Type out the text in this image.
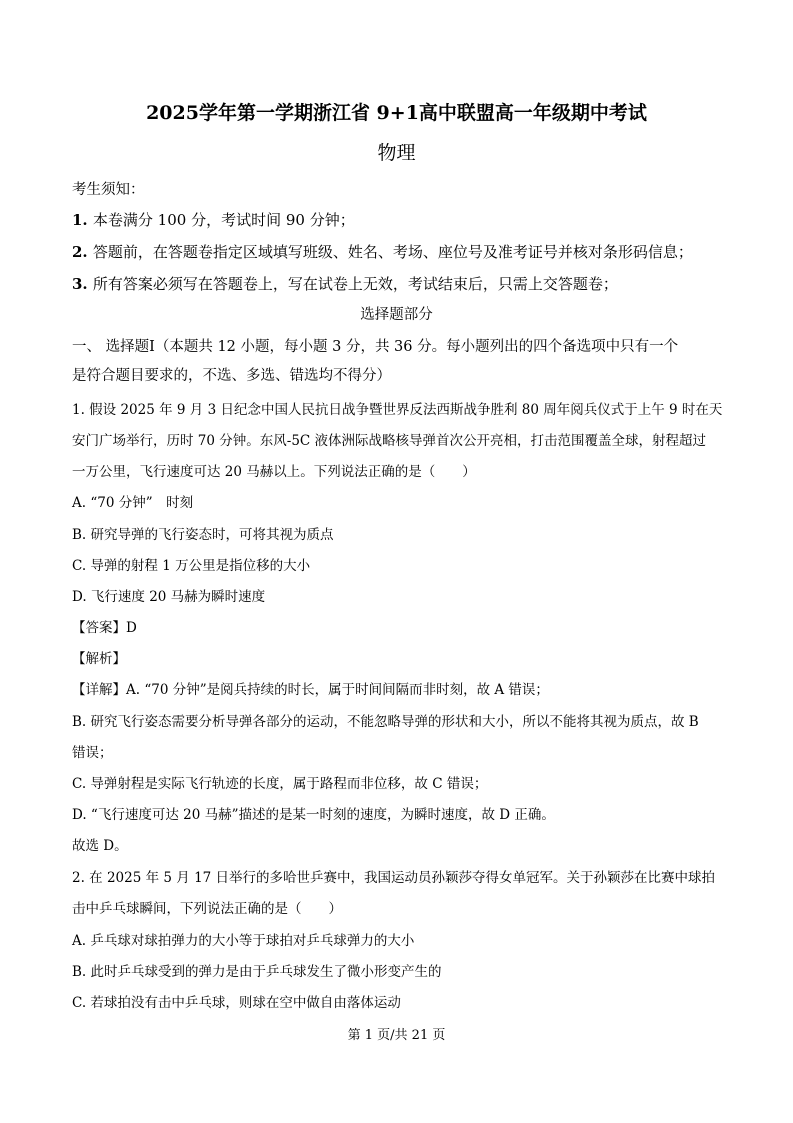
2025学年第一学期浙江省 9+1高中联盟高一年级期中考试
物理
考生须知：
1. 本卷满分 100 分，考试时间 90 分钟；
2. 答题前，在答题卷指定区域填写班级、姓名、考场、座位号及准考证号并核对条形码信息；
3. 所有答案必须写在答题卷上，写在试卷上无效，考试结束后，只需上交答题卷；
选择题部分
一、 选择题Ⅰ（本题共 12 小题，每小题 3 分，共 36 分。每小题列出的四个备选项中只有一个
是符合题目要求的，不选、多选、错选均不得分）
1. 假设 2025 年 9 月 3 日纪念中国人民抗日战争暨世界反法西斯战争胜利 80 周年阅兵仪式于上午 9 时在天
安门广场举行，历时 70 分钟。东风-5C 液体洲际战略核导弹首次公开亮相，打击范围覆盖全球，射程超过
一万公里，飞行速度可达 20 马赫以上。下列说法正确的是（　　）
A. “70 分钟”　时刻
B. 研究导弹的飞行姿态时，可将其视为质点
C. 导弹的射程 1 万公里是指位移的大小
D. 飞行速度 20 马赫为瞬时速度
【答案】D
【解析】
【详解】A. “70 分钟”是阅兵持续的时长，属于时间间隔而非时刻，故 A 错误；
B. 研究飞行姿态需要分析导弹各部分的运动，不能忽略导弹的形状和大小，所以不能将其视为质点，故 B
错误；
C. 导弹射程是实际飞行轨迹的长度，属于路程而非位移，故 C 错误；
D. “飞行速度可达 20 马赫”描述的是某一时刻的速度，为瞬时速度，故 D 正确。
故选 D。
2. 在 2025 年 5 月 17 日举行的多哈世乒赛中，我国运动员孙颖莎夺得女单冠军。关于孙颖莎在比赛中球拍
击中乒乓球瞬间，下列说法正确的是（　　）
A. 乒乓球对球拍弹力的大小等于球拍对乒乓球弹力的大小
B. 此时乒乓球受到的弹力是由于乒乓球发生了微小形变产生的
C. 若球拍没有击中乒乓球，则球在空中做自由落体运动
第 1 页/共 21 页
